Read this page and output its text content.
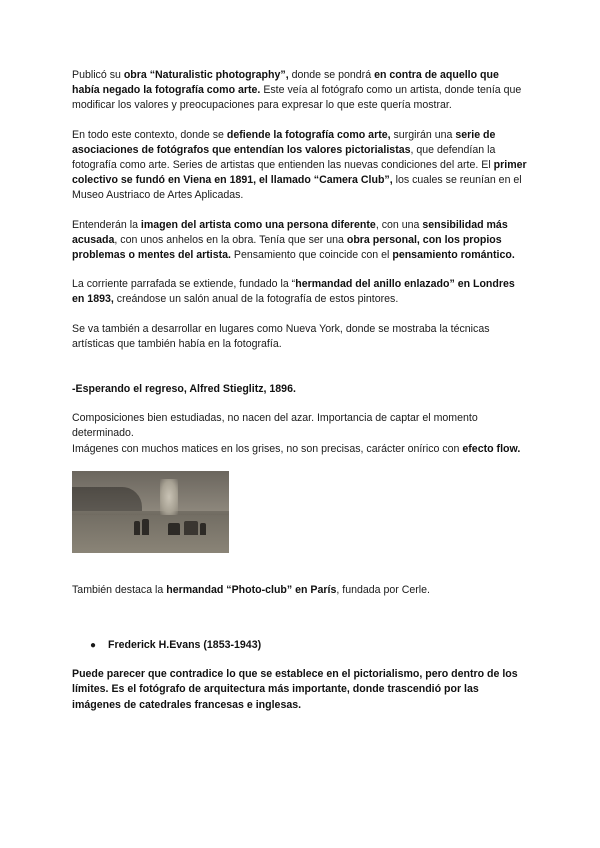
Publicó su obra “Naturalistic photography”, donde se pondrá en contra de aquello que había negado la fotografía como arte. Este veía al fotógrafo como un artista, donde tenía que modificar los valores y preocupaciones para expresar lo que este quería mostrar.

En todo este contexto, donde se defiende la fotografía como arte, surgirán una serie de asociaciones de fotógrafos que entendían los valores pictorialistas, que defendían la fotografía como arte. Series de artistas que entienden las nuevas condiciones del arte. El primer colectivo se fundó en Viena en 1891, el llamado “Camera Club”, los cuales se reunían en el Museo Austriaco de Artes Aplicadas.

Entenderán la imagen del artista como una persona diferente, con una sensibilidad más acusada, con unos anhelos en la obra. Tenía que ser una obra personal, con los propios problemas o mentes del artista. Pensamiento que coincide con el pensamiento romántico.

La corriente parrafada se extiende, fundado la “hermandad del anillo enlazado” en Londres en 1893, creándose un salón anual de la fotografía de estos pintores.

Se va también a desarrollar en lugares como Nueva York, donde se mostraba la técnicas artísticas que también había en la fotografía.

-Esperando el regreso, Alfred Stieglitz, 1896.

Composiciones bien estudiadas, no nacen del azar. Importancia de captar el momento determinado.

Imágenes con muchos matices en los grises, no son precisas, carácter onírico con efecto flow.

También destaca la hermandad “Photo-club” en París, fundada por Cerle.

●	Frederick H.Evans (1853-1943)

Puede parecer que contradice lo que se establece en el pictorialismo, pero dentro de los límites. Es el fotógrafo de arquitectura más importante, donde trascendió por las imágenes de catedrales francesas e inglesas.
